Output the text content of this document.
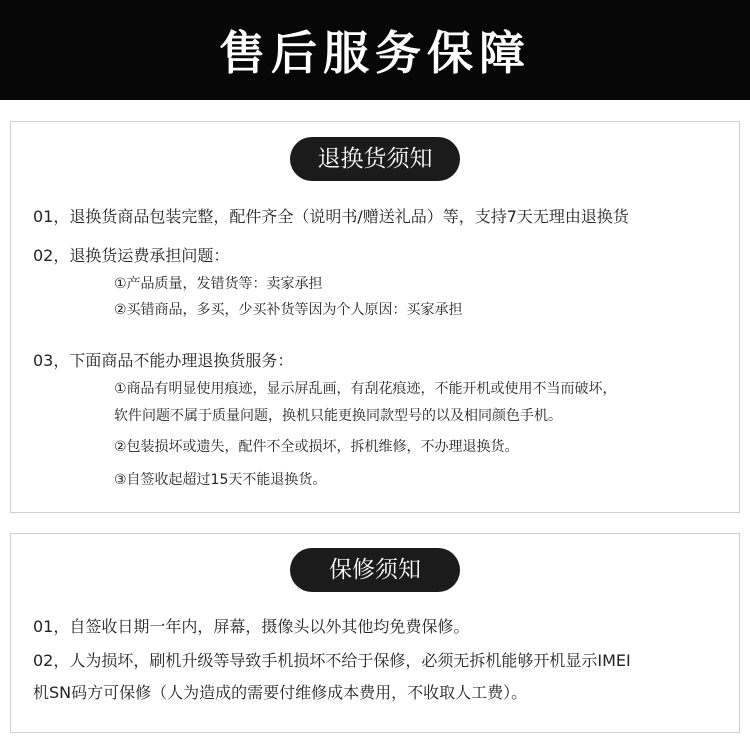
售后服务保障
退换货须知
01，退换货商品包装完整，配件齐全（说明书/赠送礼品）等，支持7天无理由退换货
02，退换货运费承担问题：
①产品质量，发错货等：卖家承担
②买错商品，多买，少买补货等因为个人原因：买家承担
03，下面商品不能办理退换货服务：
①商品有明显使用痕迹，显示屏乱画，有刮花痕迹，不能开机或使用不当而破坏，
软件问题不属于质量问题，换机只能更换同款型号的以及相同颜色手机。
②包装损坏或遗失，配件不全或损坏，拆机维修，不办理退换货。
③自签收起超过15天不能退换货。
保修须知
01，自签收日期一年内，屏幕，摄像头以外其他均免费保修。
02，人为损坏，刷机升级等导致手机损坏不给于保修，必须无拆机能够开机显示IMEI
机SN码方可保修（人为造成的需要付维修成本费用，不收取人工费）。
